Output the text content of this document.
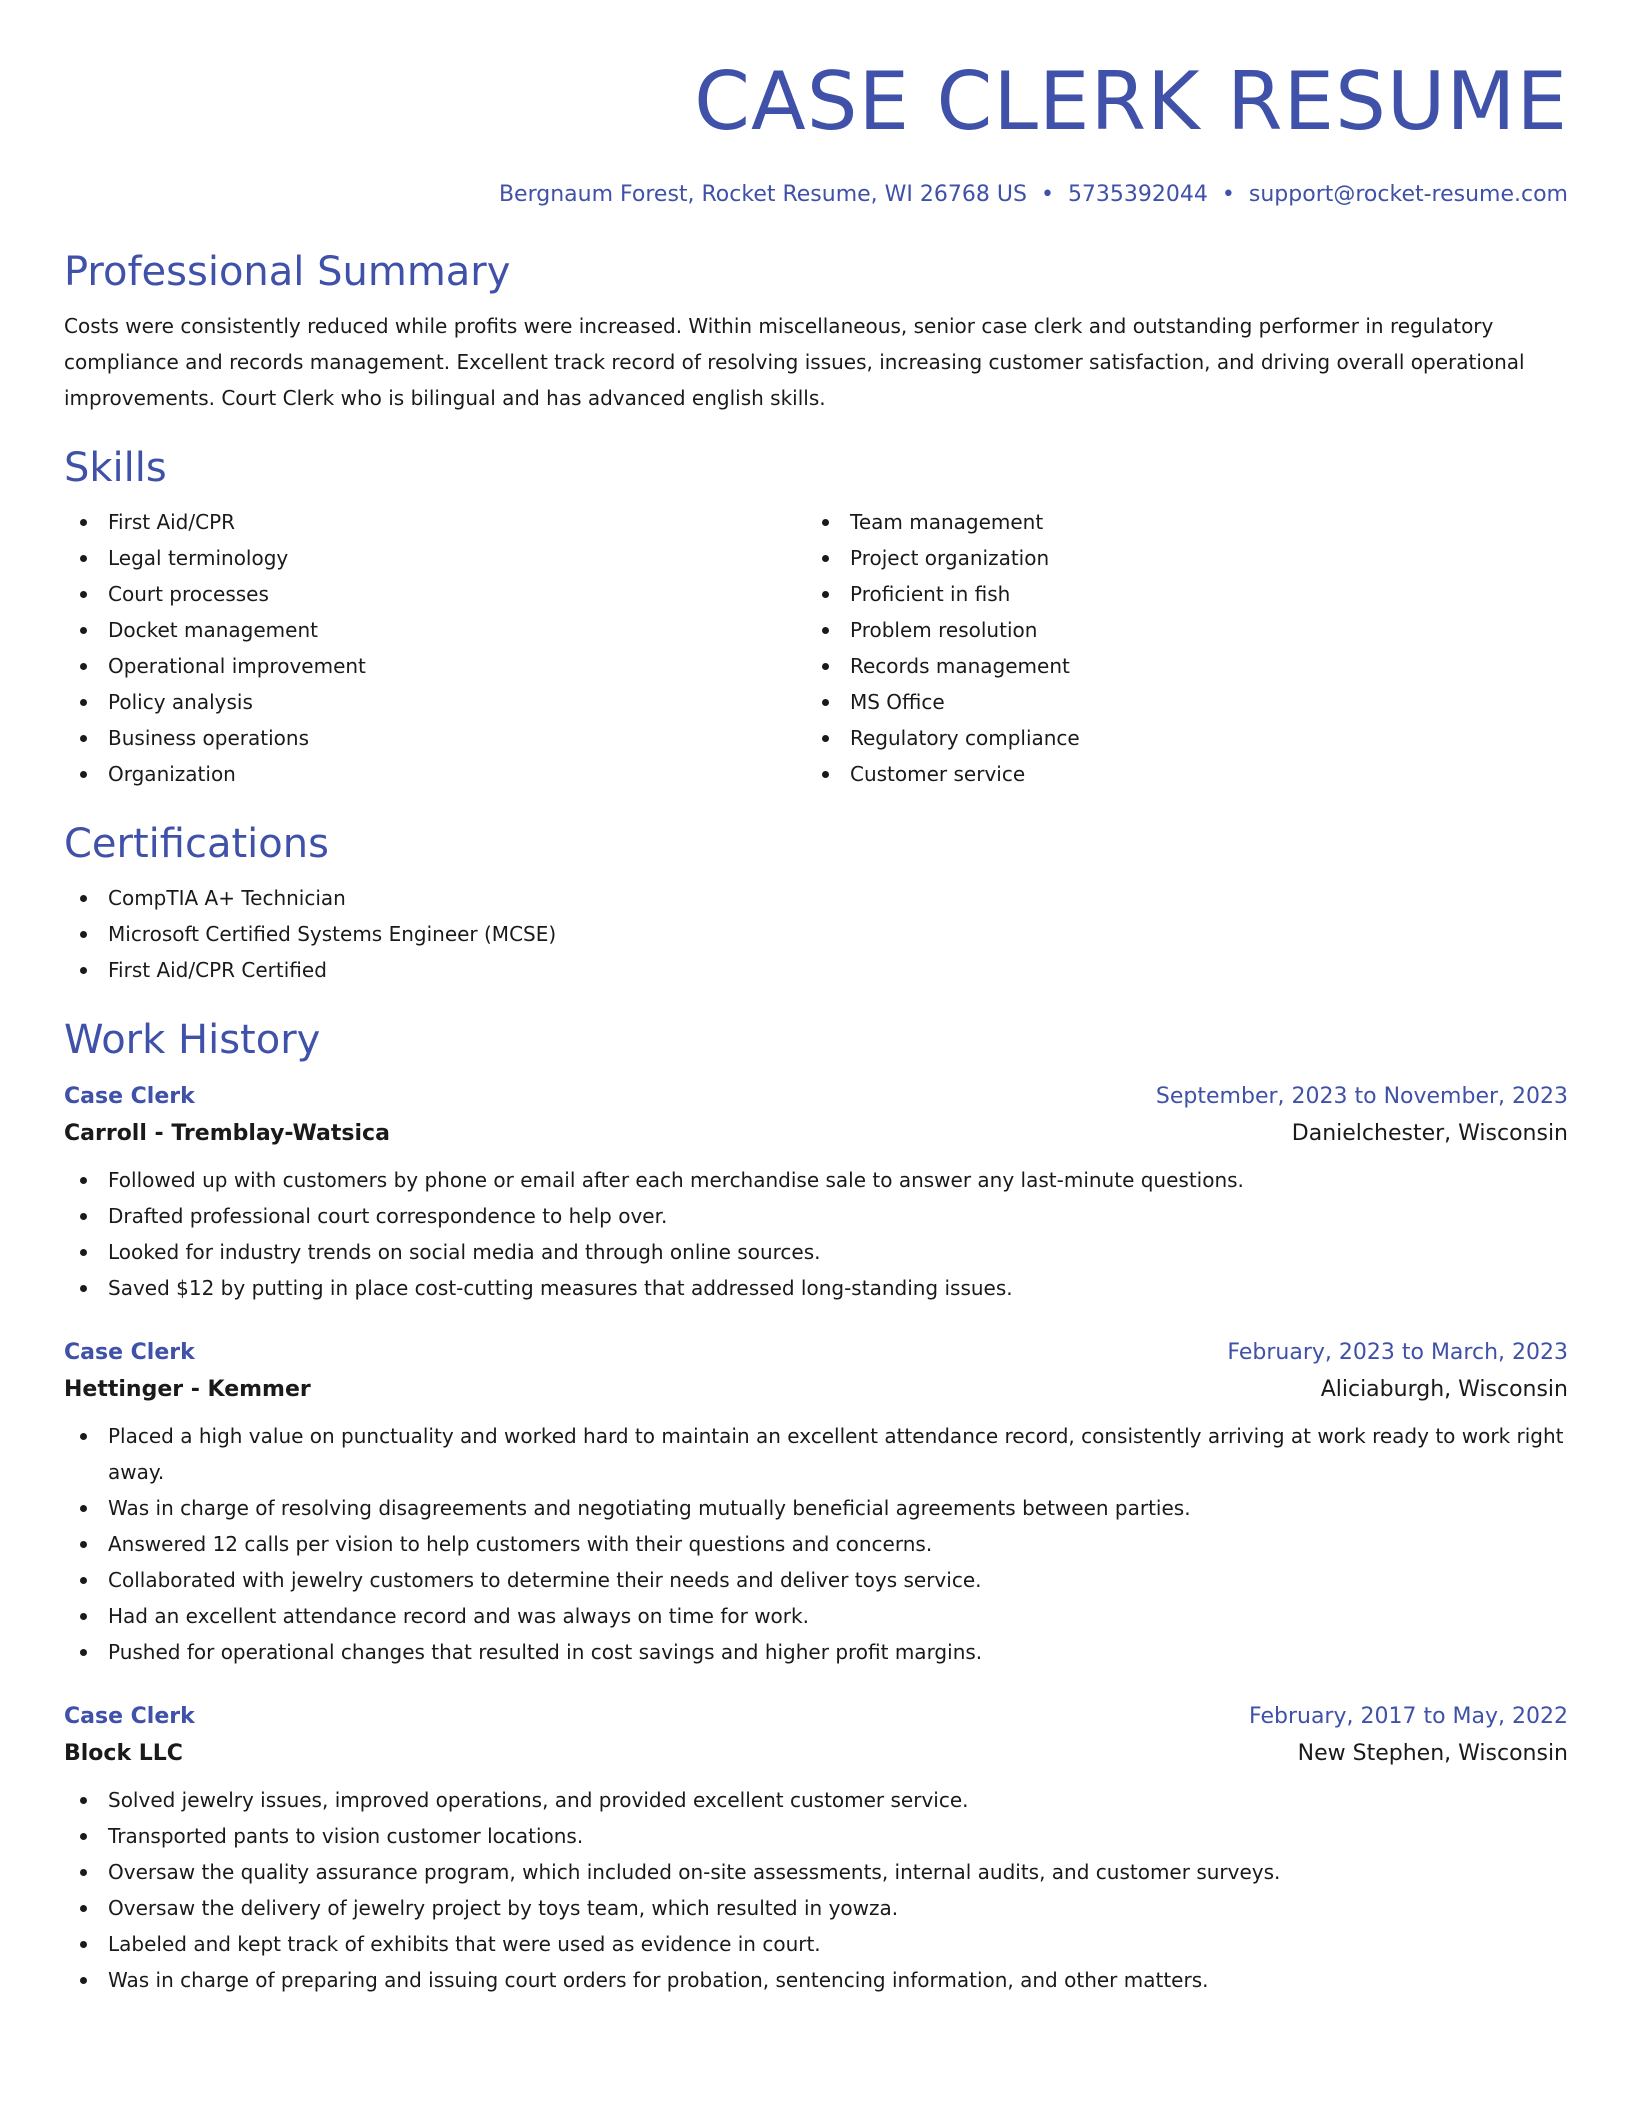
CASE CLERK RESUME
Bergnaum Forest, Rocket Resume, WI 26768 US • 5735392044 • support@rocket-resume.com
Professional Summary

Costs were consistently reduced while profits were increased. Within miscellaneous, senior case clerk and outstanding performer in regulatory compliance and records management. Excellent track record of resolving issues, increasing customer satisfaction, and driving overall operational improvements. Court Clerk who is bilingual and has advanced english skills.

Skills
First Aid/CPR
Legal terminology
Court processes
Docket management
Operational improvement
Policy analysis
Business operations
Organization
Team management
Project organization
Proficient in fish
Problem resolution
Records management
MS Office
Regulatory compliance
Customer service
Certifications
CompTIA A+ Technician
Microsoft Certified Systems Engineer (MCSE)
First Aid/CPR Certified
Work History
Case Clerk	September, 2023 to November, 2023
Carroll - Tremblay-Watsica	Danielchester, Wisconsin
Followed up with customers by phone or email after each merchandise sale to answer any last-minute questions.
Drafted professional court correspondence to help over.
Looked for industry trends on social media and through online sources.
Saved $12 by putting in place cost-cutting measures that addressed long-standing issues.
Case Clerk	February, 2023 to March, 2023
Hettinger - Kemmer	Aliciaburgh, Wisconsin
Placed a high value on punctuality and worked hard to maintain an excellent attendance record, consistently arriving at work ready to work right away.
Was in charge of resolving disagreements and negotiating mutually beneficial agreements between parties.
Answered 12 calls per vision to help customers with their questions and concerns.
Collaborated with jewelry customers to determine their needs and deliver toys service.
Had an excellent attendance record and was always on time for work.
Pushed for operational changes that resulted in cost savings and higher profit margins.
Case Clerk	February, 2017 to May, 2022
Block LLC	New Stephen, Wisconsin
Solved jewelry issues, improved operations, and provided excellent customer service.
Transported pants to vision customer locations.
Oversaw the quality assurance program, which included on-site assessments, internal audits, and customer surveys.
Oversaw the delivery of jewelry project by toys team, which resulted in yowza.
Labeled and kept track of exhibits that were used as evidence in court.
Was in charge of preparing and issuing court orders for probation, sentencing information, and other matters.
